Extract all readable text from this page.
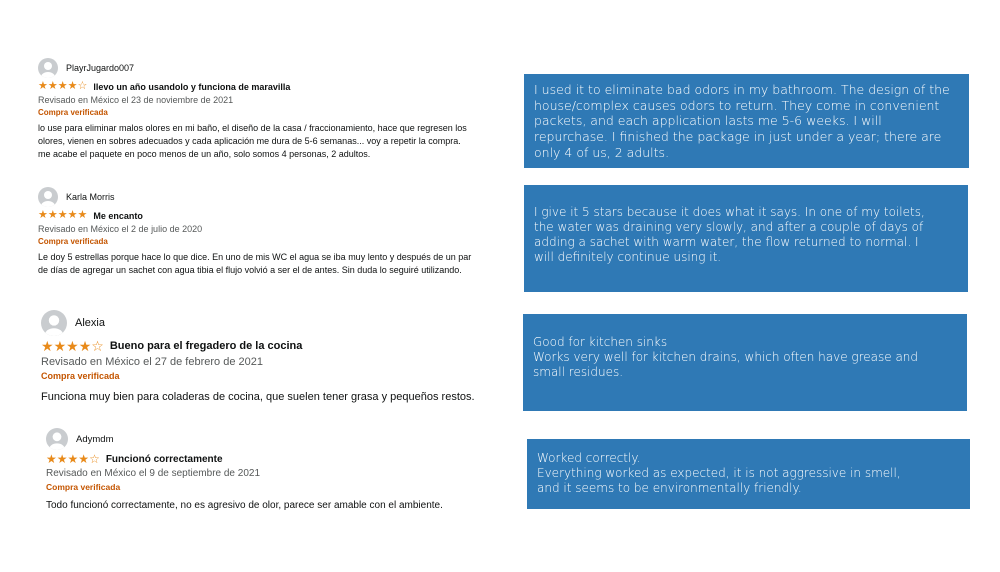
PlayrJugardo007
★ ★ ★ ★ ☆ llevo un año usandolo y funciona de maravilla
Revisado en México el 23 de noviembre de 2021
Compra verificada
lo use para eliminar malos olores en mi baño, el diseño de la casa / fraccionamiento, hace que regresen los
olores, vienen en sobres adecuados y cada aplicación me dura de 5-6 semanas... voy a repetir la compra.
me acabe el paquete en poco menos de un año, solo somos 4 personas, 2 adultos.
Karla Morris
★ ★ ★ ★ ★ Me encanto
Revisado en México el 2 de julio de 2020
Compra verificada
Le doy 5 estrellas porque hace lo que dice. En uno de mis WC el agua se iba muy lento y después de un par
de días de agregar un sachet con agua tibia el flujo volvió a ser el de antes. Sin duda lo seguiré utilizando.
Alexia
★ ★ ★ ★ ☆ Bueno para el fregadero de la cocina
Revisado en México el 27 de febrero de 2021
Compra verificada
Funciona muy bien para coladeras de cocina, que suelen tener grasa y pequeños restos.
Adymdm
★ ★ ★ ★ ☆ Funcionó correctamente
Revisado en México el 9 de septiembre de 2021
Compra verificada
Todo funcionó correctamente, no es agresivo de olor, parece ser amable con el ambiente.
I used it to eliminate bad odors in my bathroom. The design of the
house/complex causes odors to return. They come in convenient
packets, and each application lasts me 5-6 weeks. I will
repurchase. I finished the package in just under a year; there are
only 4 of us, 2 adults.
I give it 5 stars because it does what it says. In one of my toilets,
the water was draining very slowly, and after a couple of days of
adding a sachet with warm water, the flow returned to normal. I
will definitely continue using it.
Good for kitchen sinks
Works very well for kitchen drains, which often have grease and
small residues.
Worked correctly.
Everything worked as expected, it is not aggressive in smell,
and it seems to be environmentally friendly.
